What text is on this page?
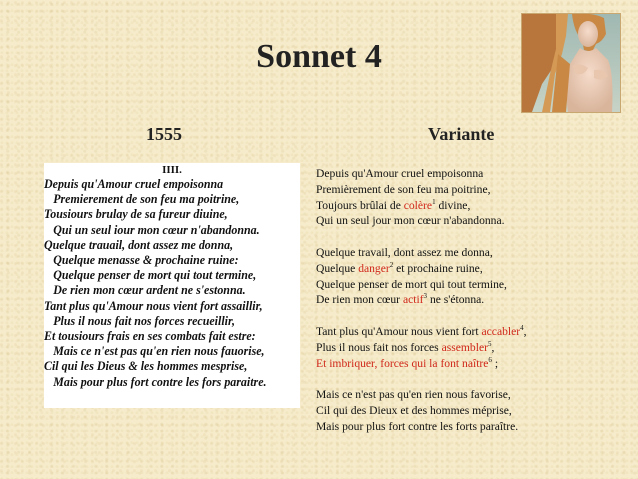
Sonnet 4
1555	Variante
IIII.
Depuis qu'Amour cruel empoisonna
Premierement de son feu ma poitrine,
Tousiours brulay de sa fureur diuine,
Qui un seul iour mon cœur n'abandonna.
Quelque trauail, dont assez me donna,
Quelque menasse & prochaine ruine:
Quelque penser de mort qui tout termine,
De rien mon cœur ardent ne s'estonna.
Tant plus qu'Amour nous vient fort assaillir,
Plus il nous fait nos forces recueillir,
Et tousiours frais en ses combats fait estre:
Mais ce n'est pas qu'en rien nous fauorise,
Cil qui les Dieus & les hommes mesprise,
Mais pour plus fort contre les fors paraitre.
Depuis qu'Amour cruel empoisonna
Premièrement de son feu ma poitrine,
Toujours brûlai de colère$^1$ divine,
Qui un seul jour mon cœur n'abandonna.
Quelque travail, dont assez me donna,
Quelque danger$^2$ et prochaine ruine,
Quelque penser de mort qui tout termine,
De rien mon cœur actif$^3$ ne s'étonna.
Tant plus qu'Amour nous vient fort accabler$^4$,
Plus il nous fait nos forces assembler$^5$,
Et imbriquer, forces qui la font naître$^6$ ;
Mais ce n'est pas qu'en rien nous favorise,
Cil qui des Dieux et des hommes méprise,
Mais pour plus fort contre les forts paraître.
